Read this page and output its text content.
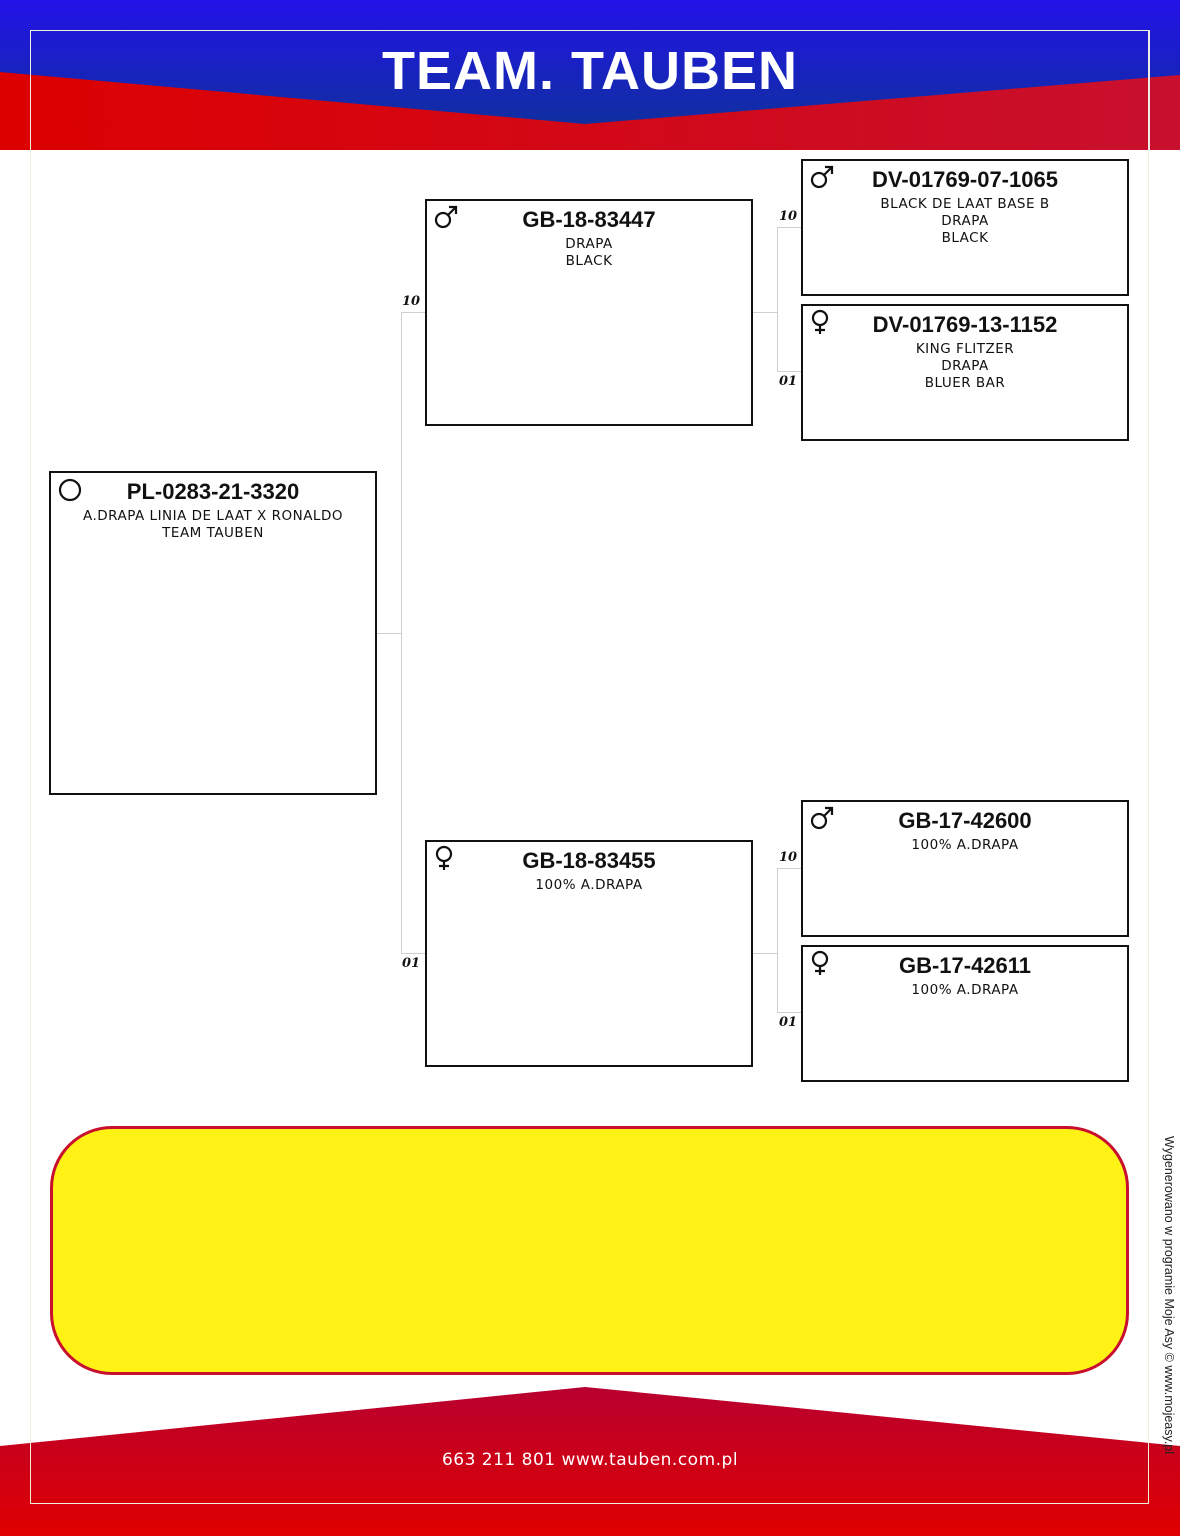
TEAM. TAUBEN
10
01
10
01
10
01
PL-0283-21-3320
A.DRAPA LINIA DE LAAT X RONALDO
TEAM TAUBEN
GB-18-83447
DRAPA
BLACK
GB-18-83455
100% A.DRAPA
DV-01769-07-1065
BLACK DE LAAT BASE B
DRAPA
BLACK
DV-01769-13-1152
KING FLITZER
DRAPA
BLUER BAR
GB-17-42600
100% A.DRAPA
GB-17-42611
100% A.DRAPA
663 211 801 www.tauben.com.pl
Wygenerowano w programie Moje Asy © www.mojeasy.pl
